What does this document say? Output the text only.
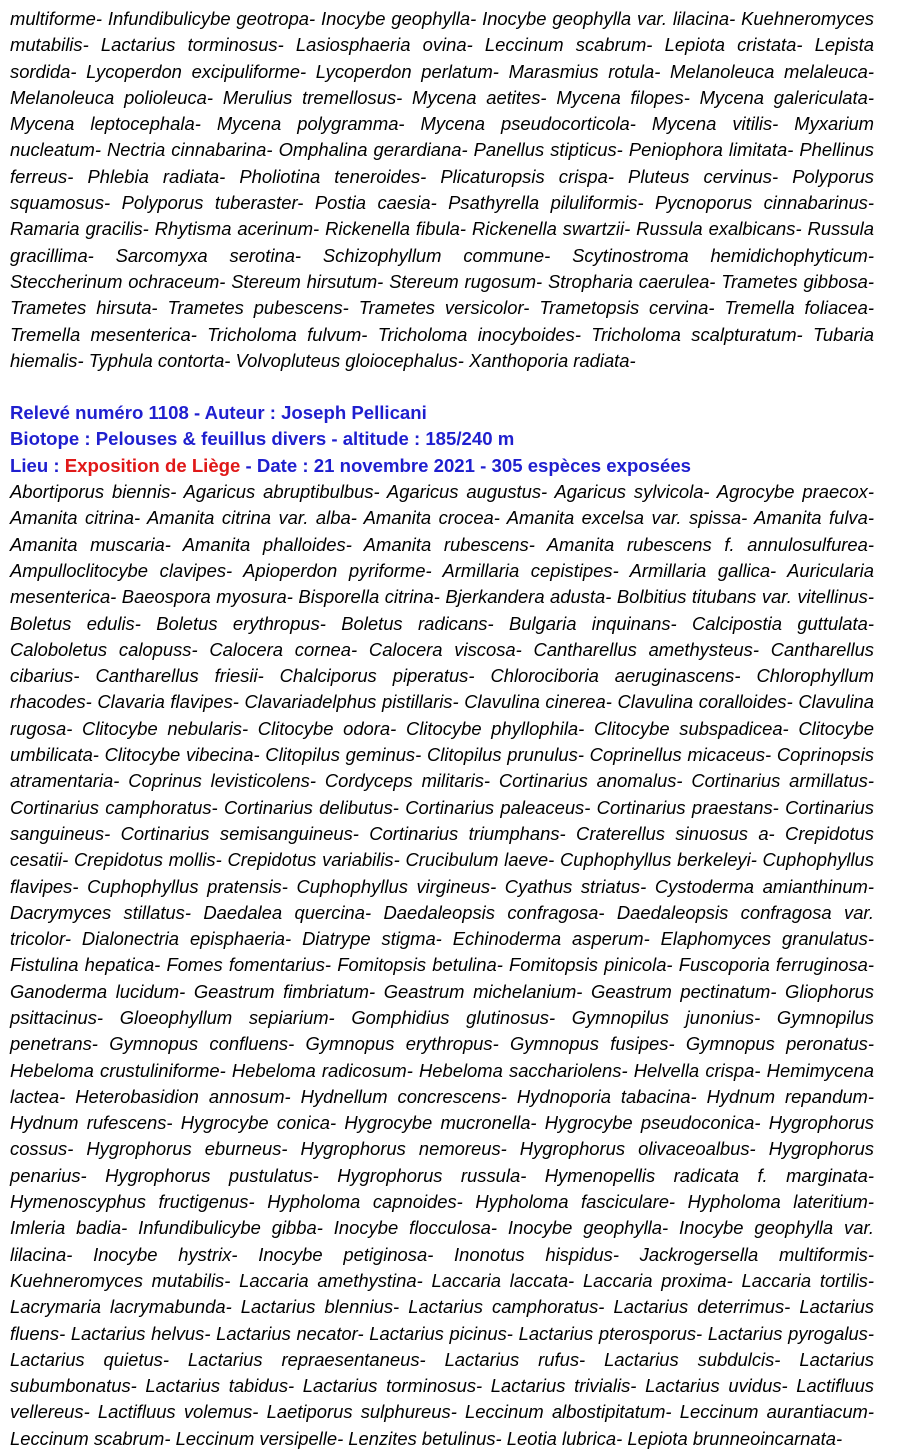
multiforme- Infundibulicybe geotropa- Inocybe geophylla- Inocybe geophylla var. lilacina- Kuehneromyces mutabilis- Lactarius torminosus- Lasiosphaeria ovina- Leccinum scabrum- Lepiota cristata- Lepista sordida- Lycoperdon excipuliforme- Lycoperdon perlatum- Marasmius rotula- Melanoleuca melaleuca- Melanoleuca polioleuca- Merulius tremellosus- Mycena aetites- Mycena filopes- Mycena galericulata- Mycena leptocephala- Mycena polygramma- Mycena pseudocorticola- Mycena vitilis- Myxarium nucleatum- Nectria cinnabarina- Omphalina gerardiana- Panellus stipticus- Peniophora limitata- Phellinus ferreus- Phlebia radiata- Pholiotina teneroides- Plicaturopsis crispa- Pluteus cervinus- Polyporus squamosus- Polyporus tuberaster- Postia caesia- Psathyrella piluliformis- Pycnoporus cinnabarinus- Ramaria gracilis- Rhytisma acerinum- Rickenella fibula- Rickenella swartzii- Russula exalbicans- Russula gracillima- Sarcomyxa serotina- Schizophyllum commune- Scytinostroma hemidichophyticum- Steccherinum ochraceum- Stereum hirsutum- Stereum rugosum- Stropharia caerulea- Trametes gibbosa- Trametes hirsuta- Trametes pubescens- Trametes versicolor- Trametopsis cervina- Tremella foliacea- Tremella mesenterica- Tricholoma fulvum- Tricholoma inocyboides- Tricholoma scalpturatum- Tubaria hiemalis- Typhula contorta- Volvopluteus gloiocephalus- Xanthoporia radiata-

Relevé numéro 1108 - Auteur : Joseph Pellicani

Biotope : Pelouses & feuillus divers - altitude : 185/240 m

Lieu : Exposition de Liège - Date : 21 novembre 2021 - 305 espèces exposées

Abortiporus biennis- Agaricus abruptibulbus- Agaricus augustus- Agaricus sylvicola- Agrocybe praecox- Amanita citrina- Amanita citrina var. alba- Amanita crocea- Amanita excelsa var. spissa- Amanita fulva- Amanita muscaria- Amanita phalloides- Amanita rubescens- Amanita rubescens f. annulosulfurea- Ampulloclitocybe clavipes- Apioperdon pyriforme- Armillaria cepistipes- Armillaria gallica- Auricularia mesenterica- Baeospora myosura- Bisporella citrina- Bjerkandera adusta- Bolbitius titubans var. vitellinus- Boletus edulis- Boletus erythropus- Boletus radicans- Bulgaria inquinans- Calcipostia guttulata- Caloboletus calopuss- Calocera cornea- Calocera viscosa- Cantharellus amethysteus- Cantharellus cibarius- Cantharellus friesii- Chalciporus piperatus- Chlorociboria aeruginascens- Chlorophyllum rhacodes- Clavaria flavipes- Clavariadelphus pistillaris- Clavulina cinerea- Clavulina coralloides- Clavulina rugosa- Clitocybe nebularis- Clitocybe odora- Clitocybe phyllophila- Clitocybe subspadicea- Clitocybe umbilicata- Clitocybe vibecina- Clitopilus geminus- Clitopilus prunulus- Coprinellus micaceus- Coprinopsis atramentaria- Coprinus levisticolens- Cordyceps militaris- Cortinarius anomalus- Cortinarius armillatus- Cortinarius camphoratus- Cortinarius delibutus- Cortinarius paleaceus- Cortinarius praestans- Cortinarius sanguineus- Cortinarius semisanguineus- Cortinarius triumphans- Craterellus sinuosus a- Crepidotus cesatii- Crepidotus mollis- Crepidotus variabilis- Crucibulum laeve- Cuphophyllus berkeleyi- Cuphophyllus flavipes- Cuphophyllus pratensis- Cuphophyllus virgineus- Cyathus striatus- Cystoderma amianthinum- Dacrymyces stillatus- Daedalea quercina- Daedaleopsis confragosa- Daedaleopsis confragosa var. tricolor- Dialonectria episphaeria- Diatrype stigma- Echinoderma asperum- Elaphomyces granulatus- Fistulina hepatica- Fomes fomentarius- Fomitopsis betulina- Fomitopsis pinicola- Fuscoporia ferruginosa- Ganoderma lucidum- Geastrum fimbriatum- Geastrum michelanium- Geastrum pectinatum- Gliophorus psittacinus- Gloeophyllum sepiarium- Gomphidius glutinosus- Gymnopilus junonius- Gymnopilus penetrans- Gymnopus confluens- Gymnopus erythropus- Gymnopus fusipes- Gymnopus peronatus- Hebeloma crustuliniforme- Hebeloma radicosum- Hebeloma sacchariolens- Helvella crispa- Hemimycena lactea- Heterobasidion annosum- Hydnellum concrescens- Hydnoporia tabacina- Hydnum repandum- Hydnum rufescens- Hygrocybe conica- Hygrocybe mucronella- Hygrocybe pseudoconica- Hygrophorus cossus- Hygrophorus eburneus- Hygrophorus nemoreus- Hygrophorus olivaceoalbus- Hygrophorus penarius- Hygrophorus pustulatus- Hygrophorus russula- Hymenopellis radicata f. marginata- Hymenoscyphus fructigenus- Hypholoma capnoides- Hypholoma fasciculare- Hypholoma lateritium- Imleria badia- Infundibulicybe gibba- Inocybe flocculosa- Inocybe geophylla- Inocybe geophylla var. lilacina- Inocybe hystrix- Inocybe petiginosa- Inonotus hispidus- Jackrogersella multiformis- Kuehneromyces mutabilis- Laccaria amethystina- Laccaria laccata- Laccaria proxima- Laccaria tortilis- Lacrymaria lacrymabunda- Lactarius blennius- Lactarius camphoratus- Lactarius deterrimus- Lactarius fluens- Lactarius helvus- Lactarius necator- Lactarius picinus- Lactarius pterosporus- Lactarius pyrogalus- Lactarius quietus- Lactarius repraesentaneus- Lactarius rufus- Lactarius subdulcis- Lactarius subumbonatus- Lactarius tabidus- Lactarius torminosus- Lactarius trivialis- Lactarius uvidus- Lactifluus vellereus- Lactifluus volemus- Laetiporus sulphureus- Leccinum albostipitatum- Leccinum aurantiacum- Leccinum scabrum- Leccinum versipelle- Lenzites betulinus- Leotia lubrica- Lepiota brunneoincarnata-
